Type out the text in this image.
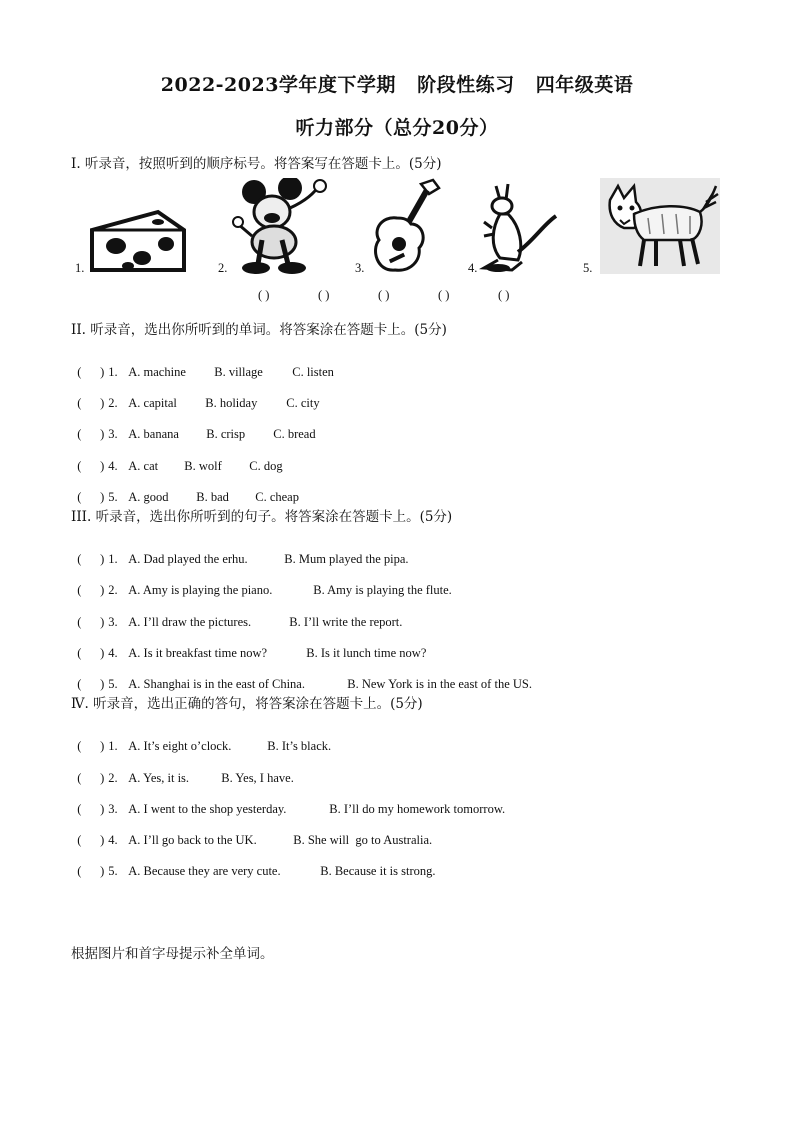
2022-2023学年度下学期 阶段性练习 四年级英语
听力部分（总分20分）
Ⅰ. 听录音，按照听到的顺序标号。将答案写在答题卡上。(5分)
1.	2.	3.	4.	5.
( )	( )	( )	( )	( )
II. 听录音，选出你所听到的单词。将答案涂在答题卡上。(5分)

(      ) 1. A. machine B. village C. listen

(      ) 2. A. capital B. holiday C. city

(      ) 3. A. banana B. crisp C. bread

(      ) 4. A. cat B. wolf C. dog

(      ) 5. A. good B. bad C. cheap

III. 听录音，选出你所听到的句子。将答案涂在答题卡上。(5分)

(      ) 1. A. Dad played the erhu.	B. Mum played the pipa.

(      ) 2. A. Amy is playing the piano.	B. Amy is playing the flute.

(      ) 3. A. I’ll draw the pictures.	B. I’ll write the report.

(      ) 4. A. Is it breakfast time now?	B. Is it lunch time now?

(      ) 5. A. Shanghai is in the east of China.	B. New York is in the east of the US.

Ⅳ. 听录音，选出正确的答句，将答案涂在答题卡上。(5分)

(      ) 1. A. It’s eight o’clock.	B. It’s black.

(      ) 2. A. Yes, it is.	B. Yes, I have.

(      ) 3. A. I went to the shop yesterday.	B. I’ll do my homework tomorrow.

(      ) 4. A. I’ll go back to the UK.	B. She will  go to Australia.

(      ) 5. A. Because they are very cute.	B. Because it is strong.

根据图片和首字母提示补全单词。
